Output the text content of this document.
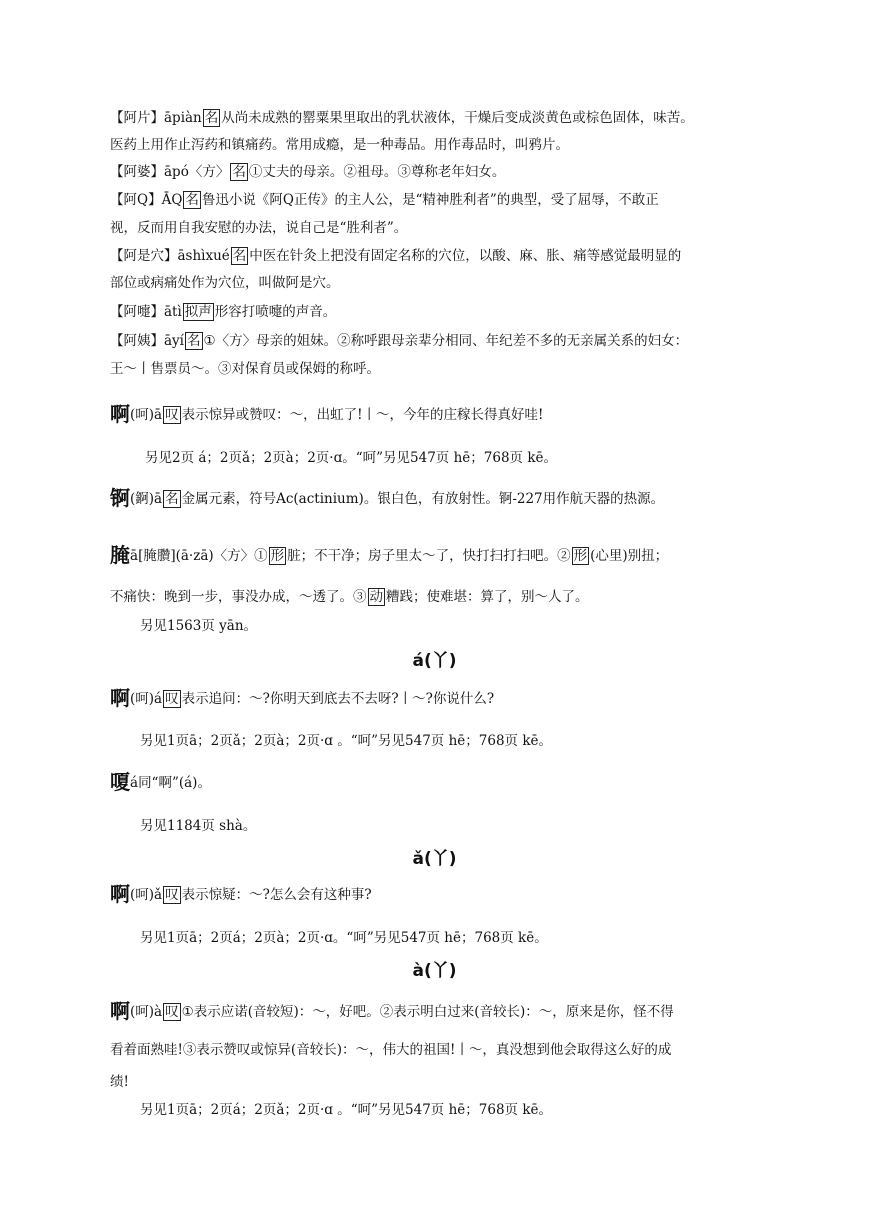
【阿片】āpiàn 名 从尚未成熟的罂粟果里取出的乳状液体，干燥后变成淡黄色或棕色固体，味苦。
医药上用作止泻药和镇痛药。常用成瘾，是一种毒品。用作毒品时，叫鸦片。
【阿婆】āpó〈方〉 名 ①丈夫的母亲。②祖母。③尊称老年妇女。
【阿Q】ĀQ 名 鲁迅小说《阿Q正传》的主人公，是“精神胜利者”的典型，受了屈辱，不敢正
视，反而用自我安慰的办法，说自己是“胜利者”。
【阿是穴】āshìxué 名 中医在针灸上把没有固定名称的穴位，以酸、麻、胀、痛等感觉最明显的
部位或病痛处作为穴位，叫做阿是穴。
【阿嚏】ātì 拟声 形容打喷嚏的声音。
【阿姨】āyí 名 ①〈方〉母亲的姐妹。②称呼跟母亲辈分相同、年纪差不多的无亲属关系的妇女：
王～丨售票员～。③对保育员或保姆的称呼。
啊(呵)ā 叹 表示惊异或赞叹：～，出虹了!丨～，今年的庄稼长得真好哇!
另见2页 á；2页ǎ；2页à；2页·ɑ。“呵”另见547页 hē；768页 kē。
锕(錒)ā 名 金属元素，符号Ac(actinium)。银白色，有放射性。锕-227用作航天器的热源。
腌ā[腌臢](ā·zā)〈方〉① 形 脏；不干净；房子里太～了，快打扫打扫吧。② 形 (心里)别扭；
不痛快：晚到一步，事没办成，～透了。③ 动 糟践；使难堪：算了，别～人了。
另见1563页 yān。
á(丫)
啊(呵)á 叹 表示追问：～?你明天到底去不去呀?丨～?你说什么?
另见1页ā；2页ǎ；2页à；2页·ɑ 。“呵”另见547页 hē；768页 kē。
嗄á同“啊”(á)。
另见1184页 shà。
ǎ(丫)
啊(呵)ǎ 叹 表示惊疑：～?怎么会有这种事?
另见1页ā；2页á；2页à；2页·ɑ。“呵”另见547页 hē；768页 kē。
à(丫)
啊(呵)à 叹 ①表示应诺(音较短)：～，好吧。②表示明白过来(音较长)：～，原来是你，怪不得
看着面熟哇!③表示赞叹或惊异(音较长)：～，伟大的祖国!丨～，真没想到他会取得这么好的成
绩!
另见1页ā；2页á；2页ǎ；2页·ɑ 。“呵”另见547页 hē；768页 kē。
